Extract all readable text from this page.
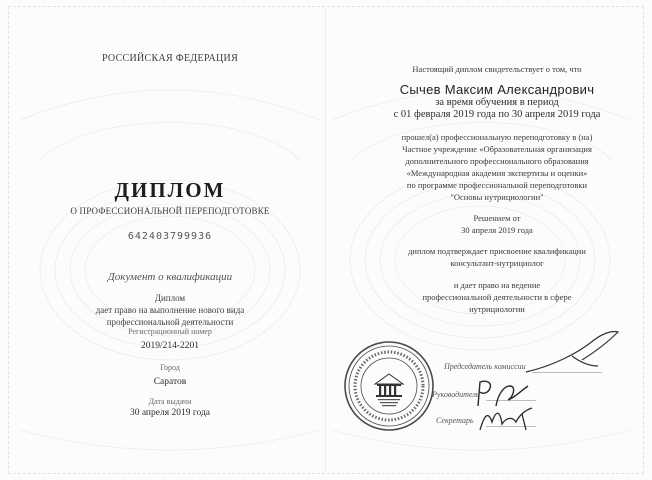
РОССИЙСКАЯ ФЕДЕРАЦИЯ
ДИПЛОМ
О ПРОФЕССИОНАЛЬНОЙ ПЕРЕПОДГОТОВКЕ
642403799936
Документ о квалификации
Диплом
дает право на выполнение нового вида
профессиональной деятельности
Регистрационный номер
2019/214-2201
Город
Саратов
Дата выдачи
30 апреля 2019 года
Настоящий диплом свидетельствует о том, что
Сычев Максим Александрович
за время обучения в период
с 01 февраля 2019 года по 30 апреля 2019 года
прошел(а) профессиональную переподготовку в (на)
Частное учреждение «Образовательная организация
дополнительного профессионального образования
«Международная академия экспертизы и оценки»
по программе профессиональной переподготовки
"Основы нутрициологии"
Решением от
30 апреля 2019 года
диплом подтверждает присвоение квалификации
консультант-нутрициолог
и дает право на ведение
профессиональной деятельности в сфере
нутрициологии
Председатель комиссии
Руководитель
Секретарь
